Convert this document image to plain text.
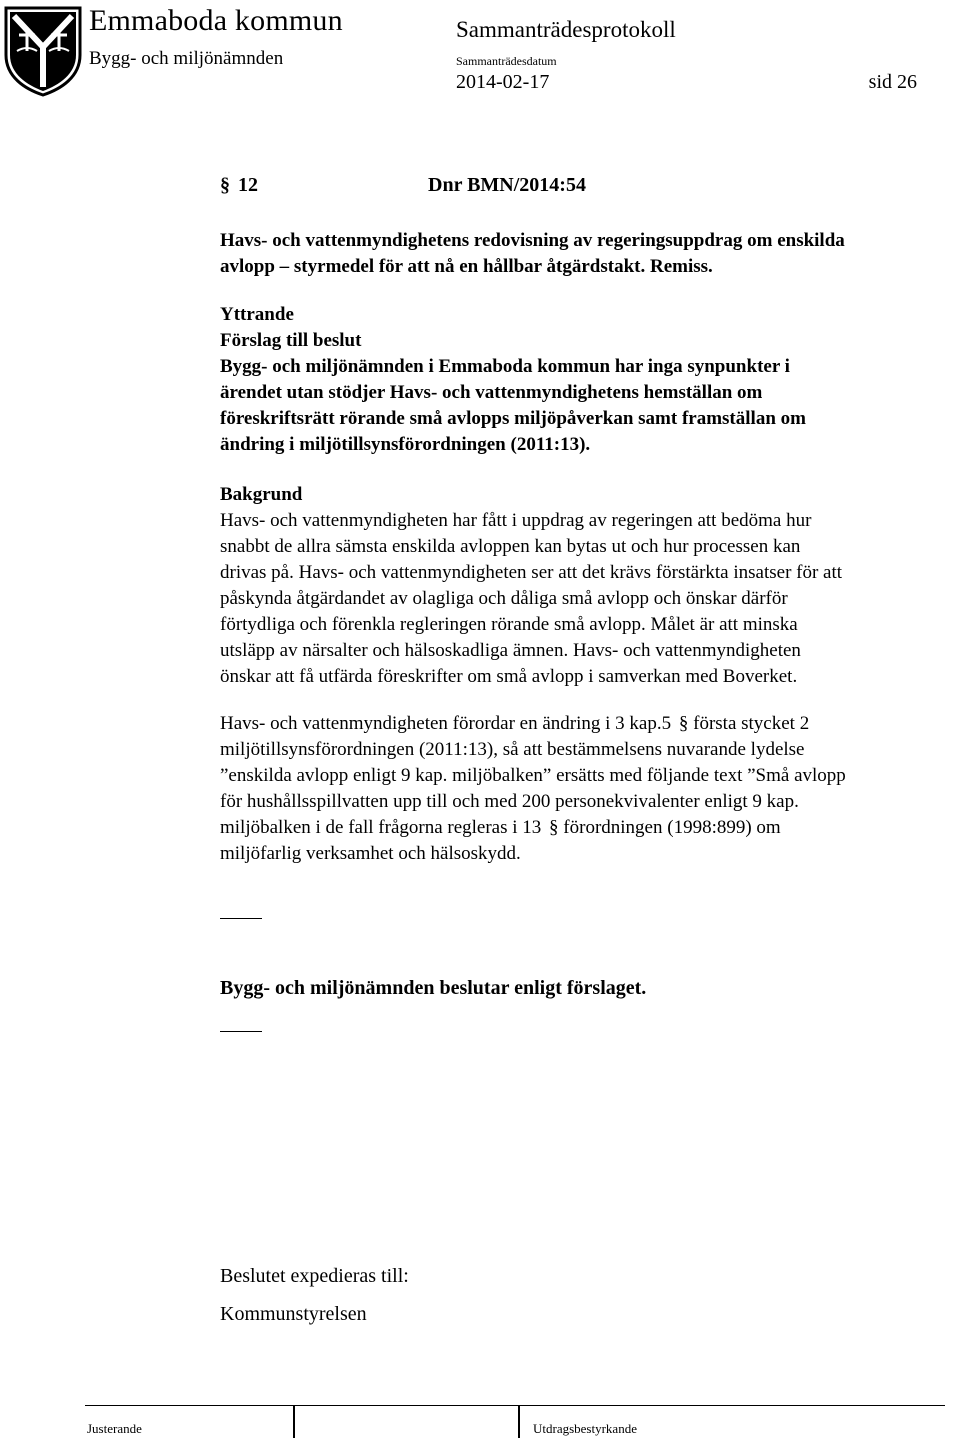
Emmaboda kommun
Bygg- och miljönämnden
Sammanträdesprotokoll
Sammanträdesdatum
2014-02-17	sid 26
§ 12	Dnr BMN/2014:54
Havs- och vattenmyndighetens redovisning av regeringsuppdrag om enskilda
avlopp – styrmedel för att nå en hållbar åtgärdstakt. Remiss.
Yttrande
Förslag till beslut
Bygg- och miljönämnden i Emmaboda kommun har inga synpunkter i
ärendet utan stödjer Havs- och vattenmyndighetens hemställan om
föreskriftsrätt rörande små avlopps miljöpåverkan samt framställan om
ändring i miljötillsynsförordningen (2011:13).
Bakgrund
Havs- och vattenmyndigheten har fått i uppdrag av regeringen att bedöma hur
snabbt de allra sämsta enskilda avloppen kan bytas ut och hur processen kan
drivas på. Havs- och vattenmyndigheten ser att det krävs förstärkta insatser för att
påskynda åtgärdandet av olagliga och dåliga små avlopp och önskar därför
förtydliga och förenkla regleringen rörande små avlopp. Målet är att minska
utsläpp av närsalter och hälsoskadliga ämnen. Havs- och vattenmyndigheten
önskar att få utfärda föreskrifter om små avlopp i samverkan med Boverket.
Havs- och vattenmyndigheten förordar en ändring i 3 kap.5 § första stycket 2
miljötillsynsförordningen (2011:13), så att bestämmelsens nuvarande lydelse
”enskilda avlopp enligt 9 kap. miljöbalken” ersätts med följande text ”Små avlopp
för hushållsspillvatten upp till och med 200 personekvivalenter enligt 9 kap.
miljöbalken i de fall frågorna regleras i 13 § förordningen (1998:899) om
miljöfarlig verksamhet och hälsoskydd.
Bygg- och miljönämnden beslutar enligt förslaget.
Beslutet expedieras till:
Kommunstyrelsen
Justerande	Utdragsbestyrkande
